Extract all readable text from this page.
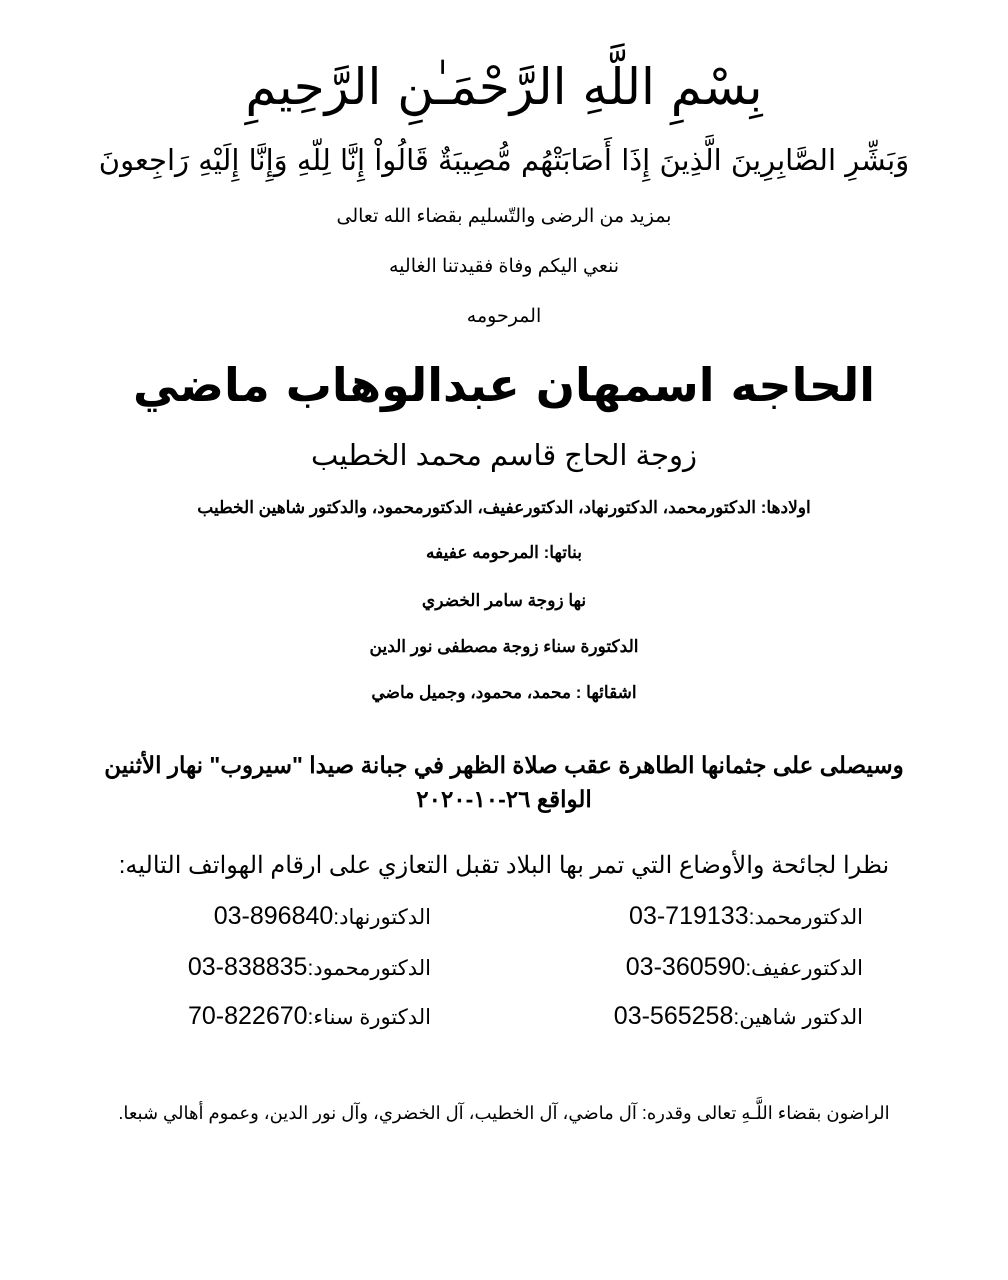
بِسْمِ اللَّهِ الرَّحْمَـٰنِ الرَّحِيمِ
وَبَشِّرِ الصَّابِرِينَ الَّذِينَ إِذَا أَصَابَتْهُم مُّصِيبَةٌ قَالُواْ إِنَّا لِلّهِ وَإِنَّا إِلَيْهِ رَاجِعونَ
بمزيد من الرضى والتّسليم بقضاء الله تعالى
ننعي اليكم وفاة فقيدتنا الغاليه
المرحومه
الحاجه اسمهان عبدالوهاب ماضي
زوجة الحاج قاسم محمد الخطيب
اولادها: الدكتورمحمد، الدكتورنهاد، الدكتورعفيف، الدكتورمحمود، والدكتور شاهين الخطيب
بناتها: المرحومه عفيفه
نها زوجة سامر الخضري
الدكتورة سناء زوجة مصطفى نور الدين
اشقائها : محمد، محمود، وجميل ماضي
وسيصلى على جثمانها الطاهرة عقب صلاة الظهر في جبانة صيدا "سيروب" نهار الأثنين
الواقع ٢٦-١٠-٢٠٢٠
نظرا لجائحة والأوضاع التي تمر بها البلاد تقبل التعازي على ارقام الهواتف التاليه:
الدكتورمحمد:03-719133
الدكتورنهاد:03-896840
الدكتورعفيف:03-360590
الدكتورمحمود:03-838835
الدكتور شاهين:03-565258
الدكتورة سناء:70-822670
الراضون بقضاء اللَّـهِ تعالى وقدره: آل ماضي، آل الخطيب، آل الخضري، وآل نور الدين، وعموم أهالي شبعا.
